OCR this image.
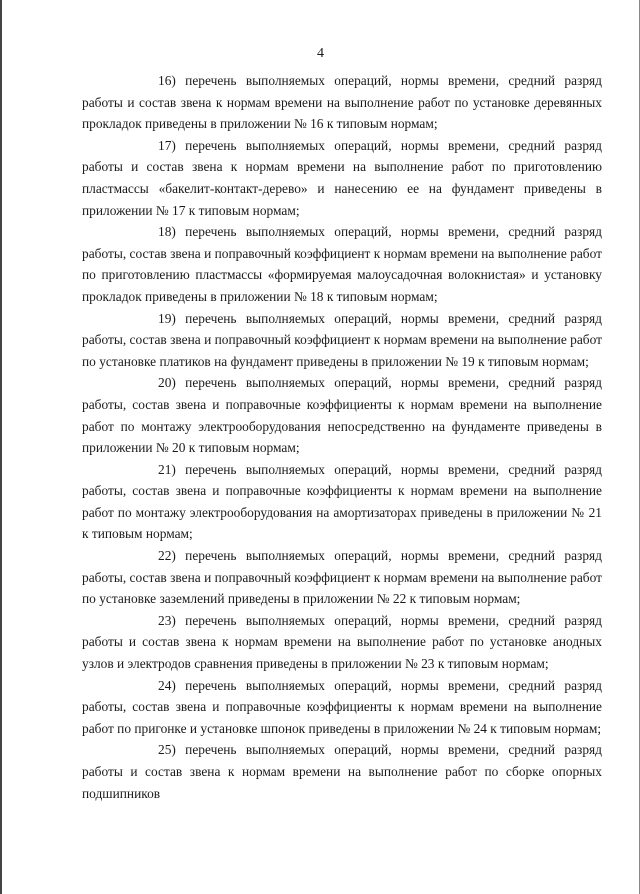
4

16) перечень выполняемых операций, нормы времени, средний разряд работы и состав звена к нормам времени на выполнение работ по установке деревянных прокладок приведены в приложении № 16 к типовым нормам;

17) перечень выполняемых операций, нормы времени, средний разряд работы и состав звена к нормам времени на выполнение работ по приготовлению пластмассы «бакелит-контакт-дерево» и нанесению ее на фундамент приведены в приложении № 17 к типовым нормам;

18) перечень выполняемых операций, нормы времени, средний разряд работы, состав звена и поправочный коэффициент к нормам времени на выполнение работ по приготовлению пластмассы «формируемая малоусадочная волокнистая» и установку прокладок приведены в приложении № 18 к типовым нормам;

19) перечень выполняемых операций, нормы времени, средний разряд работы, состав звена и поправочный коэффициент к нормам времени на выполнение работ по установке платиков на фундамент приведены в приложении № 19 к типовым нормам;

20) перечень выполняемых операций, нормы времени, средний разряд работы, состав звена и поправочные коэффициенты к нормам времени на выполнение работ по монтажу электрооборудования непосредственно на фундаменте приведены в приложении № 20 к типовым нормам;

21) перечень выполняемых операций, нормы времени, средний разряд работы, состав звена и поправочные коэффициенты к нормам времени на выполнение работ по монтажу электрооборудования на амортизаторах приведены в приложении № 21 к типовым нормам;

22) перечень выполняемых операций, нормы времени, средний разряд работы, состав звена и поправочный коэффициент к нормам времени на выполнение работ по установке заземлений приведены в приложении № 22 к типовым нормам;

23) перечень выполняемых операций, нормы времени, средний разряд работы и состав звена к нормам времени на выполнение работ по установке анодных узлов и электродов сравнения приведены в приложении № 23 к типовым нормам;

24) перечень выполняемых операций, нормы времени, средний разряд работы, состав звена и поправочные коэффициенты к нормам времени на выполнение работ по пригонке и установке шпонок приведены в приложении № 24 к типовым нормам;

25) перечень выполняемых операций, нормы времени, средний разряд работы и состав звена к нормам времени на выполнение работ по сборке опорных подшипников
